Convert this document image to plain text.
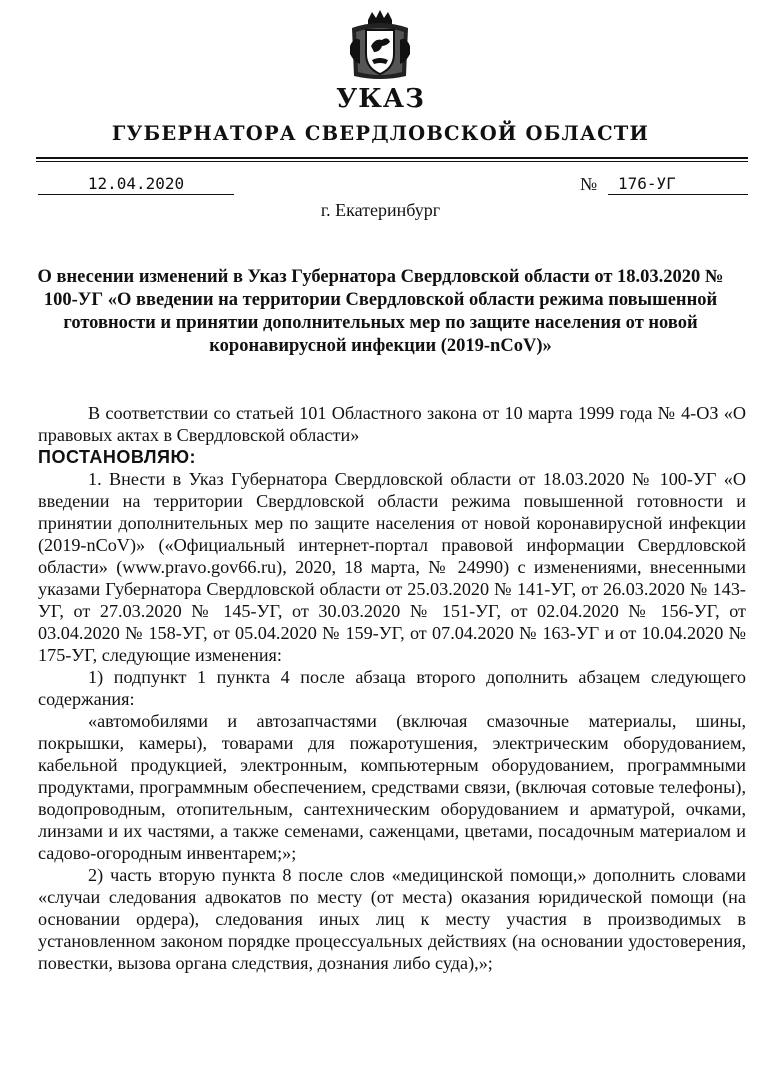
УКАЗ
ГУБЕРНАТОРА СВЕРДЛОВСКОЙ ОБЛАСТИ
12.04.2020	№	176-УГ
г. Екатеринбург
О внесении изменений в Указ Губернатора Свердловской области от 18.03.2020 № 100-УГ «О введении на территории Свердловской области режима повышенной готовности и принятии дополнительных мер по защите населения от новой коронавирусной инфекции (2019-nCoV)»

В соответствии со статьей 101 Областного закона от 10 марта 1999 года № 4-ОЗ «О правовых актах в Свердловской области»

ПОСТАНОВЛЯЮ:

1. Внести в Указ Губернатора Свердловской области от 18.03.2020 № 100-УГ «О введении на территории Свердловской области режима повышенной готовности и принятии дополнительных мер по защите населения от новой коронавирусной инфекции (2019-nCoV)» («Официальный интернет-портал правовой информации Свердловской области» (www.pravo.gov66.ru), 2020, 18 марта, № 24990) с изменениями, внесенными указами Губернатора Свердловской области от 25.03.2020 № 141-УГ, от 26.03.2020 № 143-УГ, от 27.03.2020 № 145-УГ, от 30.03.2020 № 151-УГ, от 02.04.2020 № 156-УГ, от 03.04.2020 № 158-УГ, от 05.04.2020 № 159-УГ, от 07.04.2020 № 163-УГ и от 10.04.2020 № 175-УГ, следующие изменения:

1) подпункт 1 пункта 4 после абзаца второго дополнить абзацем следующего содержания:

«автомобилями и автозапчастями (включая смазочные материалы, шины, покрышки, камеры), товарами для пожаротушения, электрическим оборудованием, кабельной продукцией, электронным, компьютерным оборудованием, программными продуктами, программным обеспечением, средствами связи, (включая сотовые телефоны), водопроводным, отопительным, сантехническим оборудованием и арматурой, очками, линзами и их частями, а также семенами, саженцами, цветами, посадочным материалом и садово-огородным инвентарем;»;

2) часть вторую пункта 8 после слов «медицинской помощи,» дополнить словами «случаи следования адвокатов по месту (от места) оказания юридической помощи (на основании ордера), следования иных лиц к месту участия в производимых в установленном законом порядке процессуальных действиях (на основании удостоверения, повестки, вызова органа следствия, дознания либо суда),»;
